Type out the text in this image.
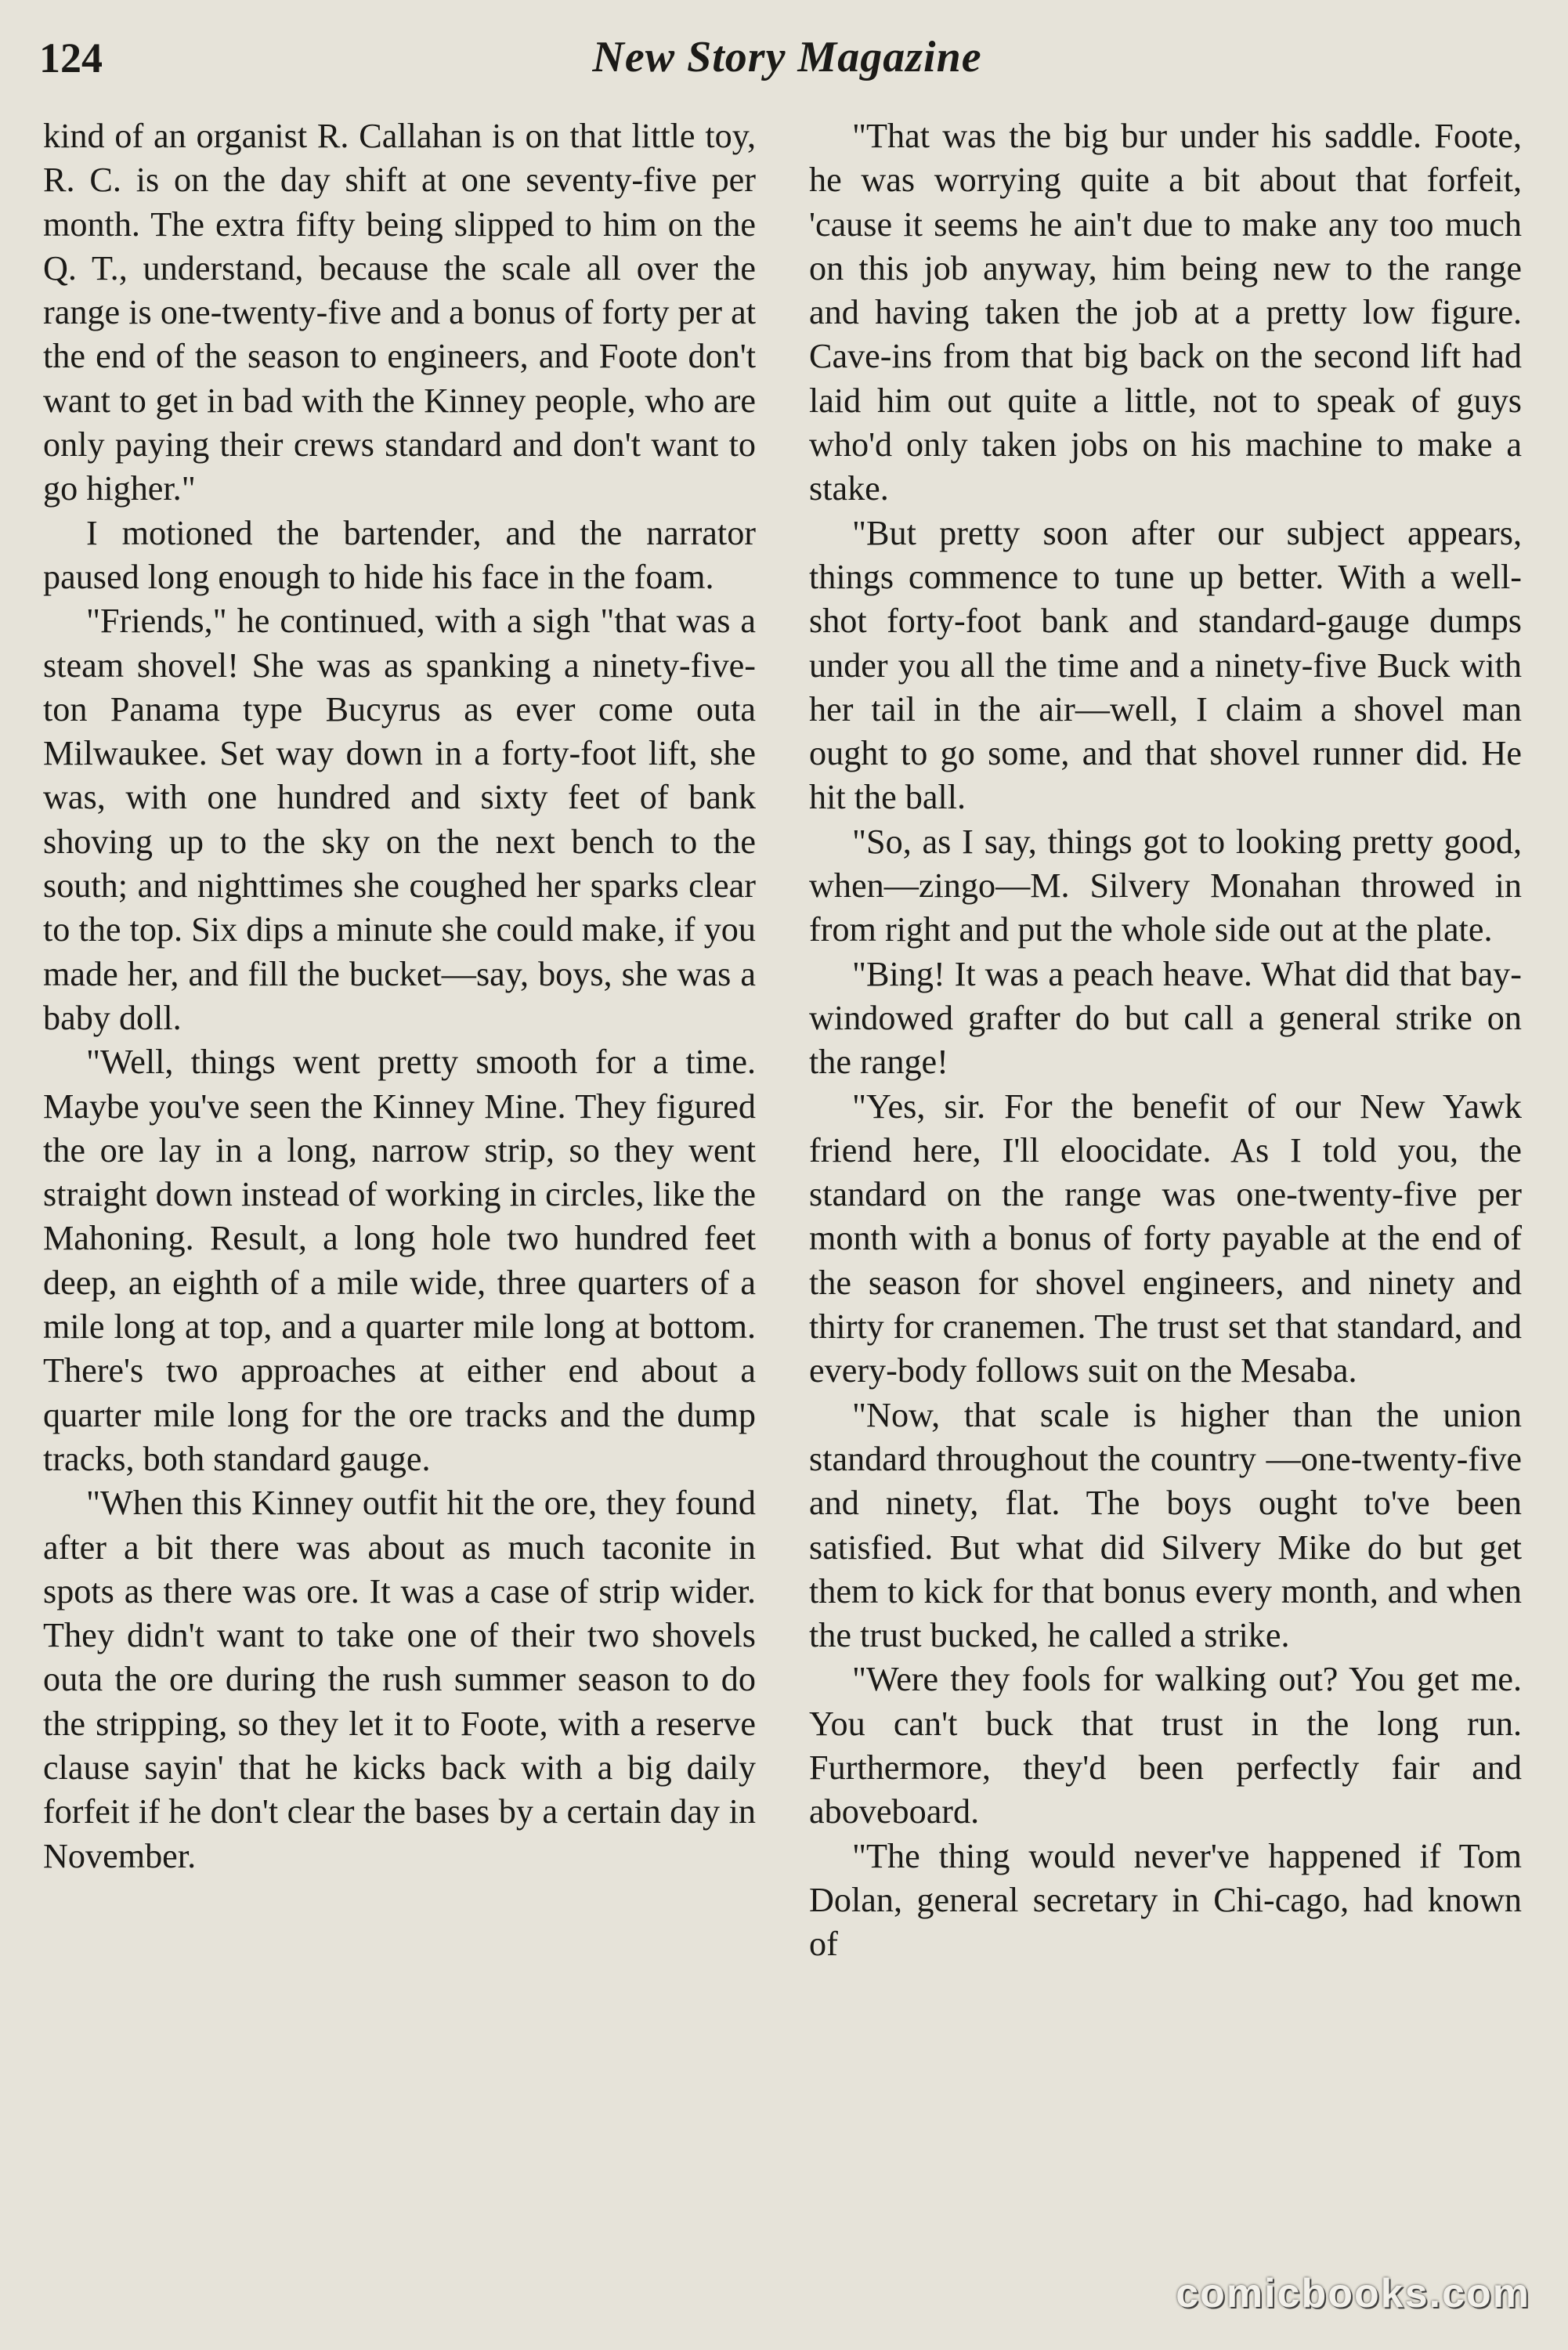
124	New Story Magazine

kind of an organist R. Callahan is on that little toy, R. C. is on the day shift at one seventy-five per month. The extra fifty being slipped to him on the Q. T., understand, because the scale all over the range is one-twenty-five and a bonus of forty per at the end of the season to engineers, and Foote don't want to get in bad with the Kinney people, who are only paying their crews standard and don't want to go higher."

I motioned the bartender, and the narrator paused long enough to hide his face in the foam.

"Friends," he continued, with a sigh "that was a steam shovel! She was as spanking a ninety-five-ton Panama type Bucyrus as ever come outa Milwaukee. Set way down in a forty-foot lift, she was, with one hundred and sixty feet of bank shoving up to the sky on the next bench to the south; and nighttimes she coughed her sparks clear to the top. Six dips a minute she could make, if you made her, and fill the bucket—say, boys, she was a baby doll.

"Well, things went pretty smooth for a time. Maybe you've seen the Kinney Mine. They figured the ore lay in a long, narrow strip, so they went straight down instead of working in circles, like the Mahoning. Result, a long hole two hundred feet deep, an eighth of a mile wide, three quarters of a mile long at top, and a quarter mile long at bottom. There's two approaches at either end about a quarter mile long for the ore tracks and the dump tracks, both standard gauge.

"When this Kinney outfit hit the ore, they found after a bit there was about as much taconite in spots as there was ore. It was a case of strip wider. They didn't want to take one of their two shovels outa the ore during the rush summer season to do the stripping, so they let it to Foote, with a reserve clause sayin' that he kicks back with a big daily forfeit if he don't clear the bases by a certain day in November.

"That was the big bur under his saddle. Foote, he was worrying quite a bit about that forfeit, 'cause it seems he ain't due to make any too much on this job anyway, him being new to the range and having taken the job at a pretty low figure. Cave-ins from that big back on the second lift had laid him out quite a little, not to speak of guys who'd only taken jobs on his machine to make a stake.

"But pretty soon after our subject appears, things commence to tune up better. With a well-shot forty-foot bank and standard-gauge dumps under you all the time and a ninety-five Buck with her tail in the air—well, I claim a shovel man ought to go some, and that shovel runner did. He hit the ball.

"So, as I say, things got to looking pretty good, when—zingo—M. Silvery Monahan throwed in from right and put the whole side out at the plate.

"Bing! It was a peach heave. What did that bay-windowed grafter do but call a general strike on the range!

"Yes, sir. For the benefit of our New Yawk friend here, I'll eloocidate. As I told you, the standard on the range was one-twenty-five per month with a bonus of forty payable at the end of the season for shovel engineers, and ninety and thirty for cranemen. The trust set that standard, and every-body follows suit on the Mesaba.

"Now, that scale is higher than the union standard throughout the country —one-twenty-five and ninety, flat. The boys ought to've been satisfied. But what did Silvery Mike do but get them to kick for that bonus every month, and when the trust bucked, he called a strike.

"Were they fools for walking out? You get me. You can't buck that trust in the long run. Furthermore, they'd been perfectly fair and aboveboard.

"The thing would never've happened if Tom Dolan, general secretary in Chi-cago, had known of

comicbooks.com
